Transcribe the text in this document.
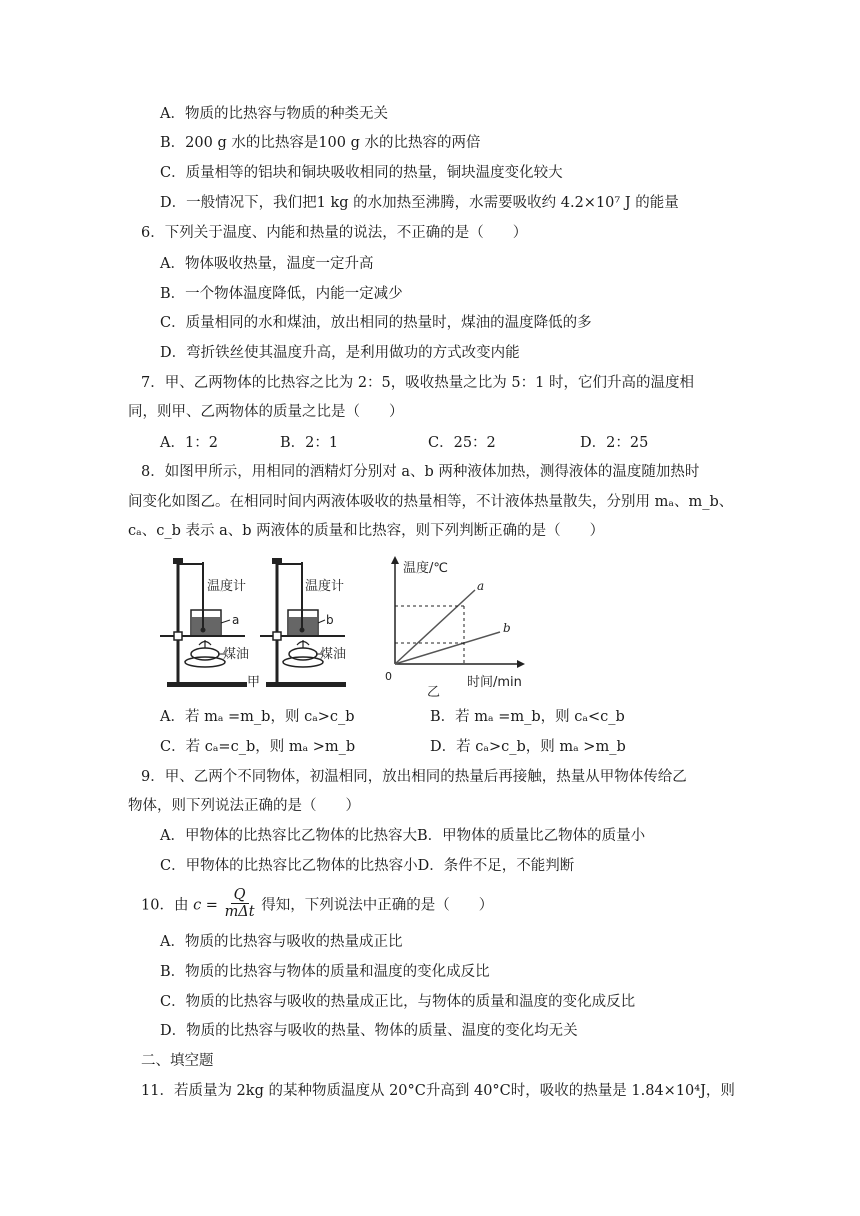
A．物质的比热容与物质的种类无关
B．200 g 水的比热容是100 g 水的比热容的两倍
C．质量相等的铝块和铜块吸收相同的热量，铜块温度变化较大
D．一般情况下，我们把1 kg 的水加热至沸腾，水需要吸收约 4.2×10⁷ J 的能量
6．下列关于温度、内能和热量的说法，不正确的是（　　）
A．物体吸收热量，温度一定升高
B．一个物体温度降低，内能一定减少
C．质量相同的水和煤油，放出相同的热量时，煤油的温度降低的多
D．弯折铁丝使其温度升高，是利用做功的方式改变内能
7．甲、乙两物体的比热容之比为 2：5，吸收热量之比为 5：1 时，它们升高的温度相
同，则甲、乙两物体的质量之比是（　　）
A．1：2	B．2：1	C．25：2	D．2：25
8．如图甲所示，用相同的酒精灯分别对 a、b 两种液体加热，测得液体的温度随加热时
间变化如图乙。在相同时间内两液体吸收的热量相等，不计液体热量散失，分别用 mₐ、m_b、
cₐ、c_b 表示 a、b 两液体的质量和比热容，则下列判断正确的是（　　）
温度计
a
煤油
甲
温度计
b
煤油
温度/℃
a
b
0
乙
时间/min
A．若 mₐ =m_b，则 cₐ>c_b	B．若 mₐ =m_b，则 cₐ<c_b
C．若 cₐ=c_b，则 mₐ >m_b	D．若 cₐ>c_b，则 mₐ >m_b
9．甲、乙两个不同物体，初温相同，放出相同的热量后再接触，热量从甲物体传给乙
物体，则下列说法正确的是（　　）
A．甲物体的比热容比乙物体的比热容大 B．甲物体的质量比乙物体的质量小
C．甲物体的比热容比乙物体的比热容小 D．条件不足，不能判断
10．由 $c = \frac{Q}{\text{mΔt}}$ 得知，下列说法中正确的是（　　）
A．物质的比热容与吸收的热量成正比
B．物质的比热容与物体的质量和温度的变化成反比
C．物质的比热容与吸收的热量成正比，与物体的质量和温度的变化成反比
D．物质的比热容与吸收的热量、物体的质量、温度的变化均无关
二、填空题
11．若质量为 2kg 的某种物质温度从 20°C升高到 40°C时，吸收的热量是 1.84×10⁴J，则
